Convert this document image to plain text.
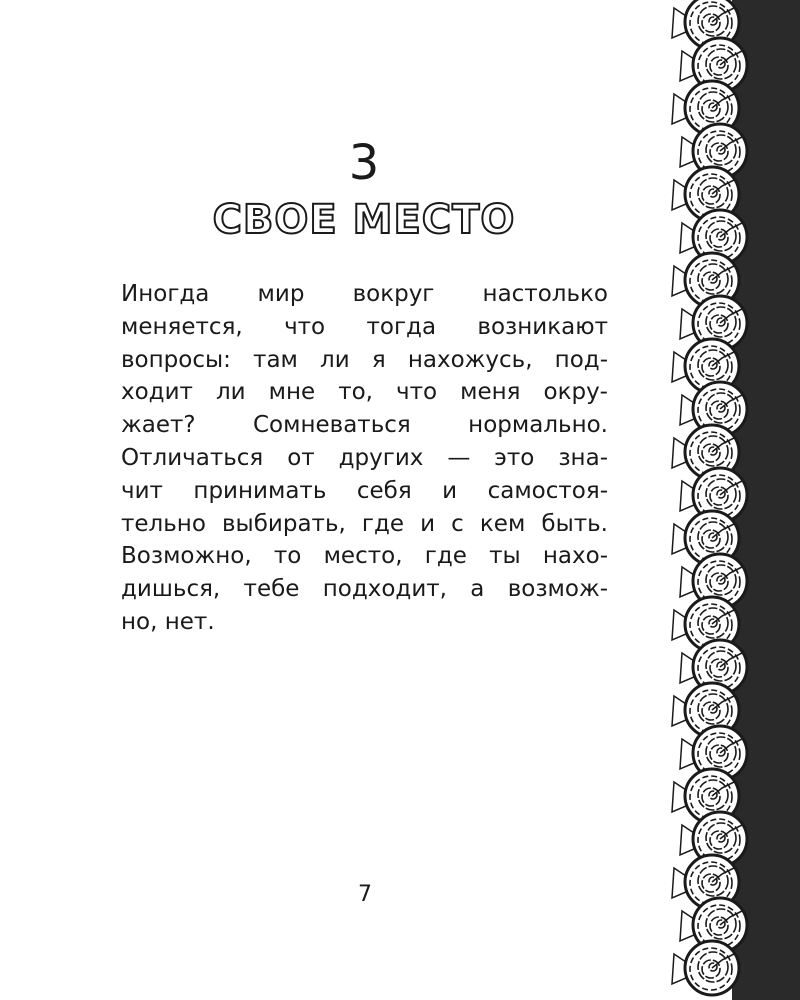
3
СВОЕ МЕСТО
Иногда мир вокруг настолько
меняется, что тогда возникают
вопросы: там ли я нахожусь, под-
ходит ли мне то, что меня окру-
жает? Сомневаться нормально.
Отличаться от других — это зна-
чит принимать себя и самостоя-
тельно выбирать, где и с кем быть.
Возможно, то место, где ты нахо-
дишься, тебе подходит, а возмож-
но, нет.
7
